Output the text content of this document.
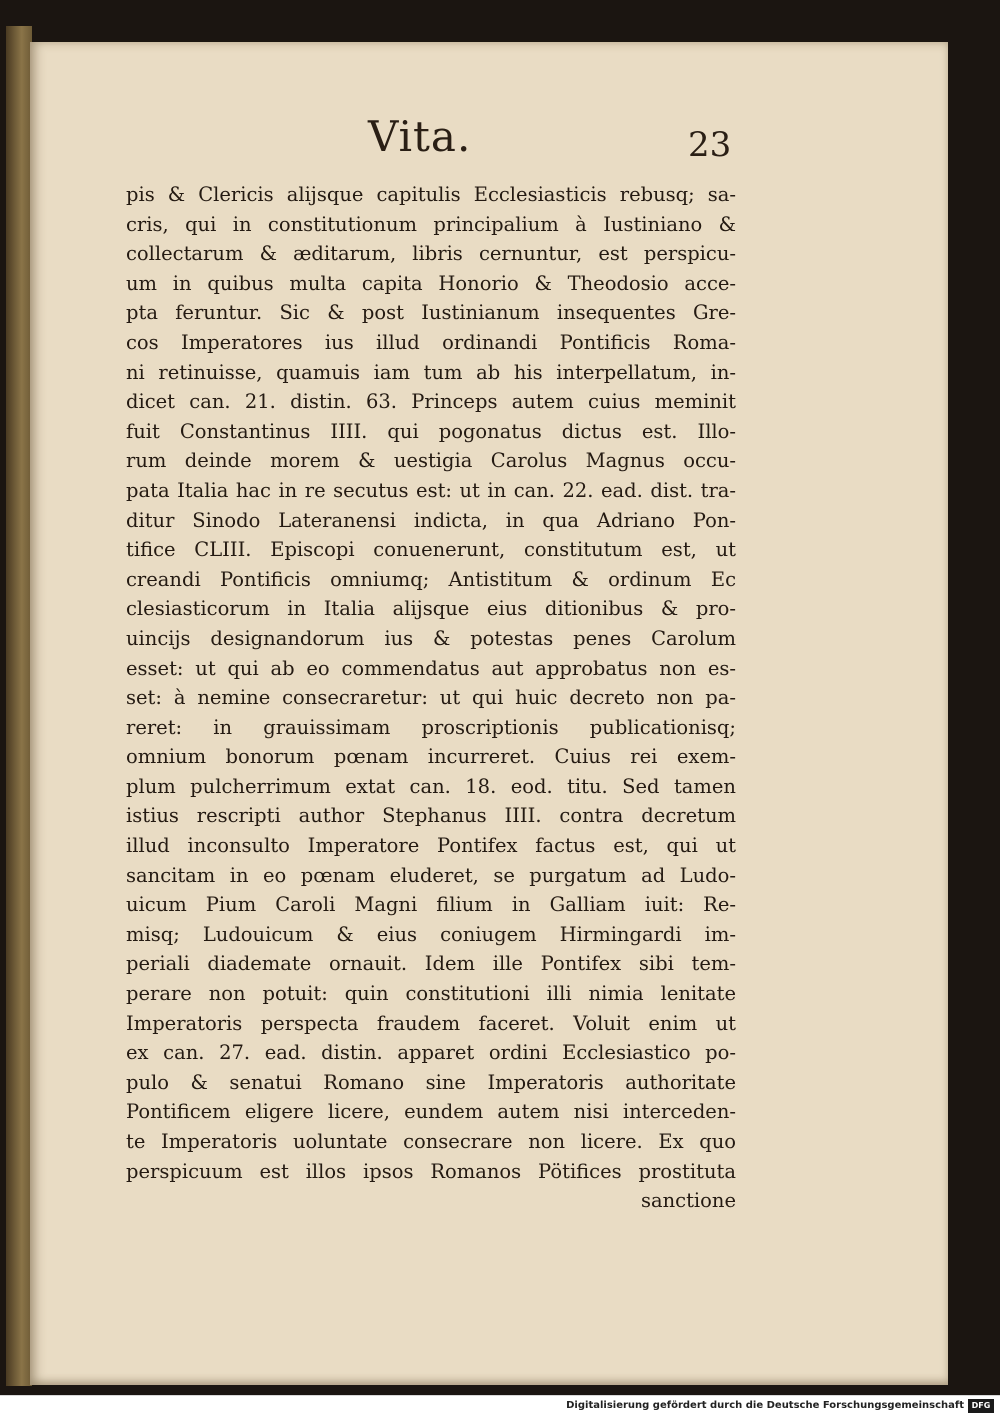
Vita.	23
pis & Clericis alijsque capitulis Ecclesiasticis rebusq; sa-
cris, qui in constitutionum principalium à Iustiniano &
collectarum & æditarum, libris cernuntur, est perspicu-
um in quibus multa capita Honorio & Theodosio acce-
pta feruntur. Sic & post Iustinianum insequentes Gre-
cos Imperatores ius illud ordinandi Pontificis Roma-
ni retinuisse, quamuis iam tum ab his interpellatum, in-
dicet can. 21. distin. 63. Princeps autem cuius meminit
fuit Constantinus IIII. qui pogonatus dictus est. Illo-
rum deinde morem & uestigia Carolus Magnus occu-
pata Italia hac in re secutus est: ut in can. 22. ead. dist. tra-
ditur Sinodo Lateranensi indicta, in qua Adriano Pon-
tifice CLIII. Episcopi conuenerunt, constitutum est, ut
creandi Pontificis omniumq; Antistitum & ordinum Ec
clesiasticorum in Italia alijsque eius ditionibus & pro-
uincijs designandorum ius & potestas penes Carolum
esset: ut qui ab eo commendatus aut approbatus non es-
set: à nemine consecraretur: ut qui huic decreto non pa-
reret: in grauissimam proscriptionis publicationisq;
omnium bonorum pœnam incurreret. Cuius rei exem-
plum pulcherrimum extat can. 18. eod. titu. Sed tamen
istius rescripti author Stephanus IIII. contra decretum
illud inconsulto Imperatore Pontifex factus est, qui ut
sancitam in eo pœnam eluderet, se purgatum ad Ludo-
uicum Pium Caroli Magni filium in Galliam iuit: Re-
misq; Ludouicum & eius coniugem Hirmingardi im-
periali diademate ornauit. Idem ille Pontifex sibi tem-
perare non potuit: quin constitutioni illi nimia lenitate
Imperatoris perspecta fraudem faceret. Voluit enim ut
ex can. 27. ead. distin. apparet ordini Ecclesiastico po-
pulo & senatui Romano sine Imperatoris authoritate
Pontificem eligere licere, eundem autem nisi interceden-
te Imperatoris uoluntate consecrare non licere. Ex quo
perspicuum est illos ipsos Romanos Pötifices prostituta
sanctione
Digitalisierung gefördert durch die Deutsche Forschungsgemeinschaft DFG
